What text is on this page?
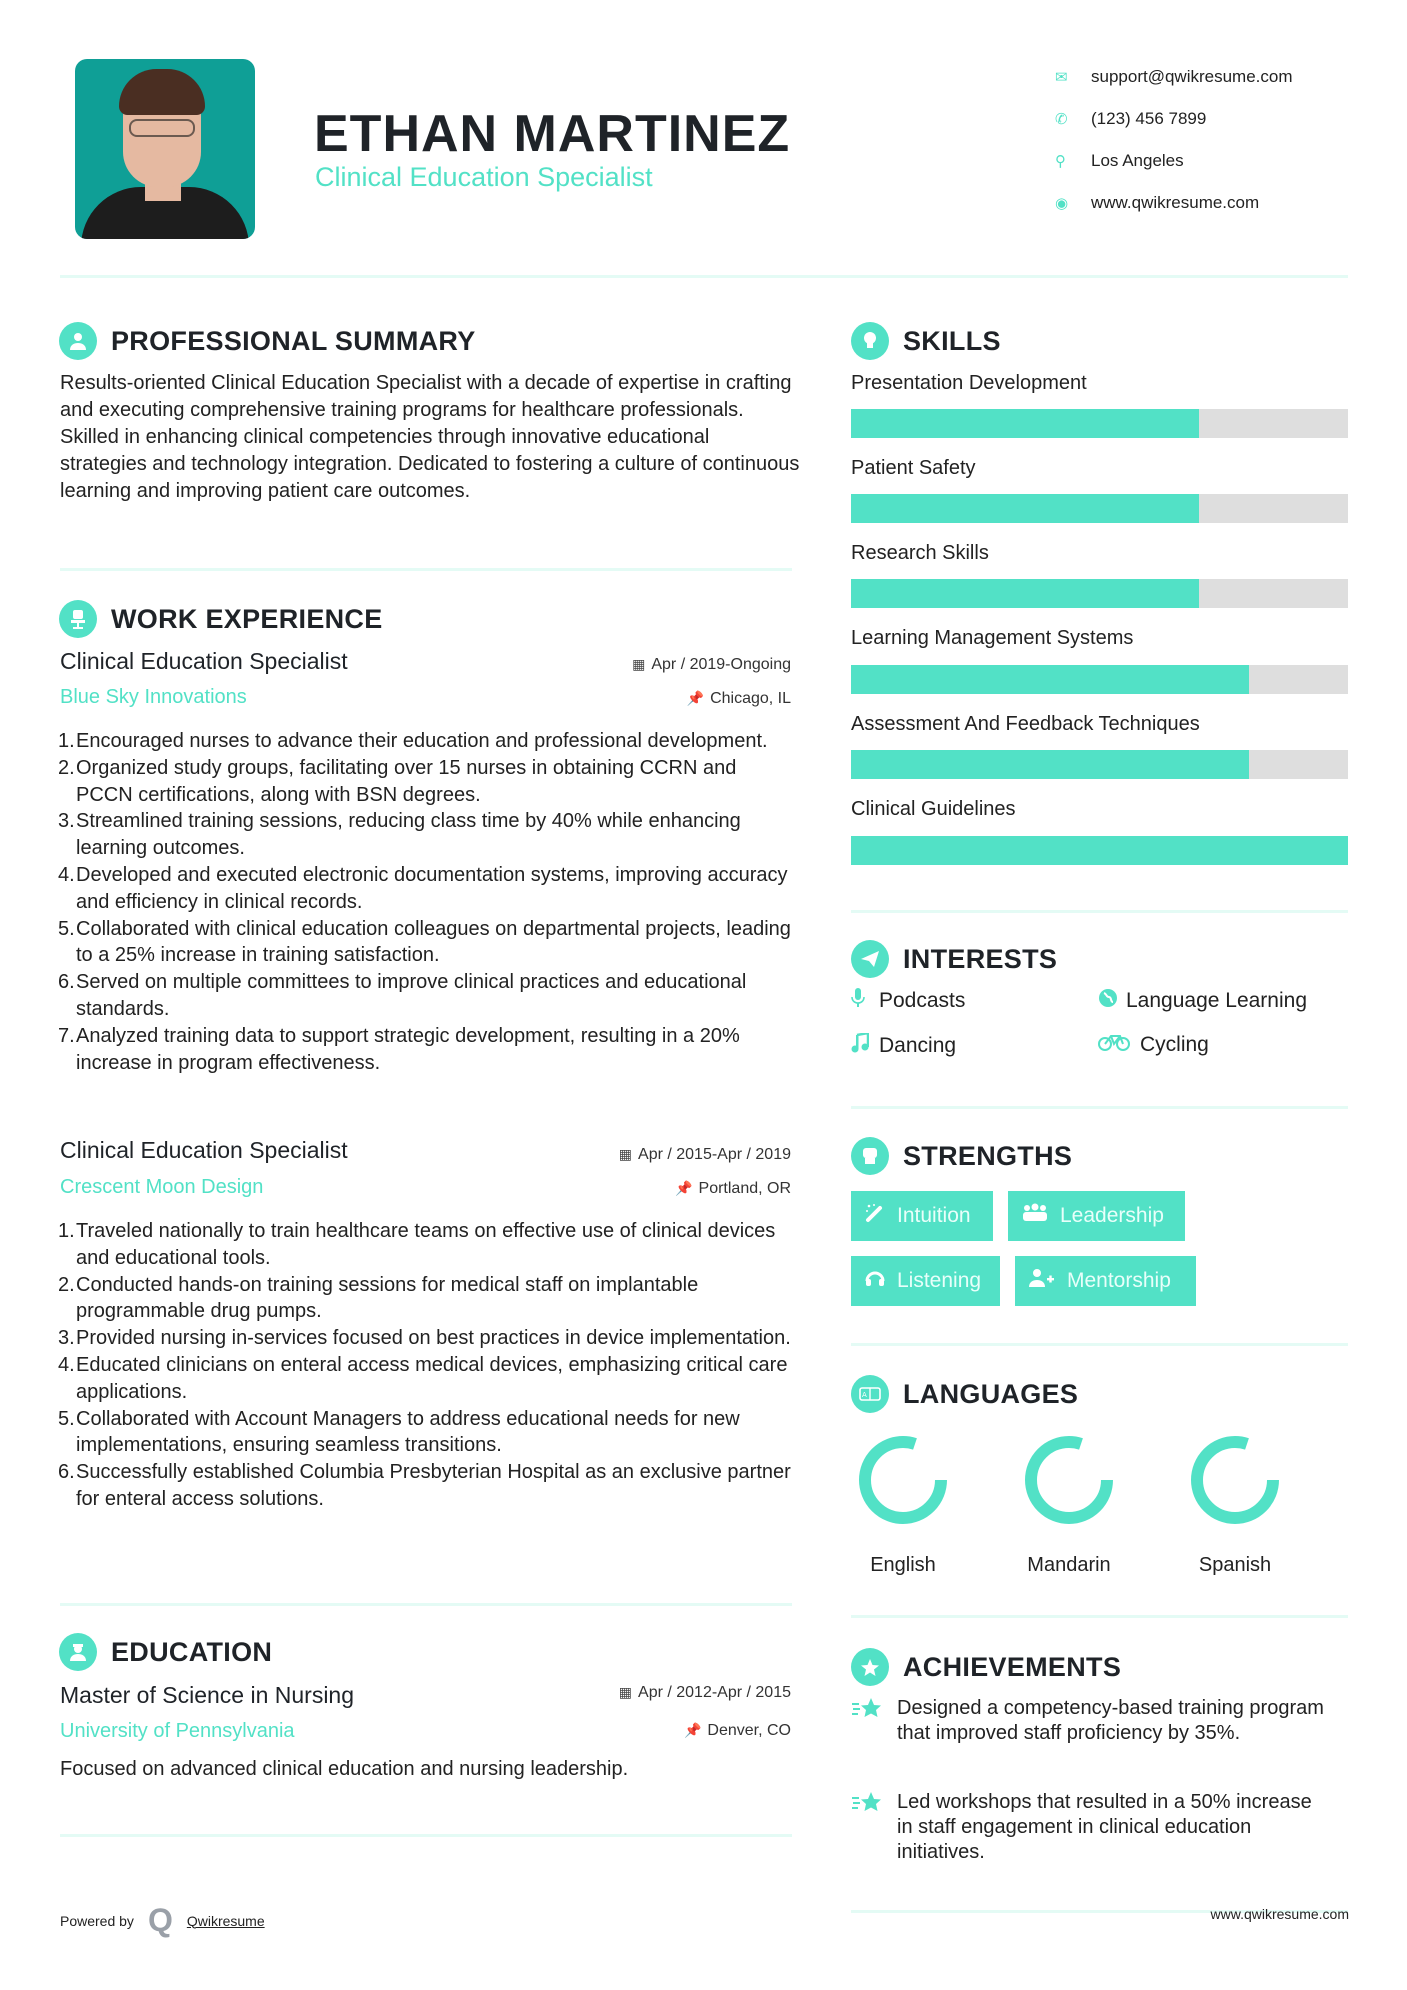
ETHAN MARTINEZ
Clinical Education Specialist
✉	support@qwikresume.com
✆	(123) 456 7899
⚲	Los Angeles
◉	www.qwikresume.com
PROFESSIONAL SUMMARY
Results-oriented Clinical Education Specialist with a decade of expertise in crafting and executing comprehensive training programs for healthcare professionals. Skilled in enhancing clinical competencies through innovative educational strategies and technology integration. Dedicated to fostering a culture of continuous learning and improving patient care outcomes.
WORK EXPERIENCE
Clinical Education Specialist	▦ Apr / 2019-Ongoing
Blue Sky Innovations	📌 Chicago, IL
1. Encouraged nurses to advance their education and professional development.
2. Organized study groups, facilitating over 15 nurses in obtaining CCRN and PCCN certifications, along with BSN degrees.
3. Streamlined training sessions, reducing class time by 40% while enhancing learning outcomes.
4. Developed and executed electronic documentation systems, improving accuracy and efficiency in clinical records.
5. Collaborated with clinical education colleagues on departmental projects, leading to a 25% increase in training satisfaction.
6. Served on multiple committees to improve clinical practices and educational standards.
7. Analyzed training data to support strategic development, resulting in a 20% increase in program effectiveness.
Clinical Education Specialist	▦ Apr / 2015-Apr / 2019
Crescent Moon Design	📌 Portland, OR
1. Traveled nationally to train healthcare teams on effective use of clinical devices and educational tools.
2. Conducted hands-on training sessions for medical staff on implantable programmable drug pumps.
3. Provided nursing in-services focused on best practices in device implementation.
4. Educated clinicians on enteral access medical devices, emphasizing critical care applications.
5. Collaborated with Account Managers to address educational needs for new implementations, ensuring seamless transitions.
6. Successfully established Columbia Presbyterian Hospital as an exclusive partner for enteral access solutions.
EDUCATION
Master of Science in Nursing	▦ Apr / 2012-Apr / 2015
University of Pennsylvania	📌 Denver, CO
Focused on advanced clinical education and nursing leadership.
SKILLS
Presentation Development
Patient Safety
Research Skills
Learning Management Systems
Assessment And Feedback Techniques
Clinical Guidelines
INTERESTS
Podcasts	Language Learning
Dancing	Cycling
STRENGTHS
Intuition	Leadership
Listening	Mentorship
A LANGUAGES
English	Mandarin	Spanish
ACHIEVEMENTS
Designed a competency-based training program that improved staff proficiency by 35%.
Led workshops that resulted in a 50% increase in staff engagement in clinical education initiatives.
Powered by Q Qwikresume	www.qwikresume.com
